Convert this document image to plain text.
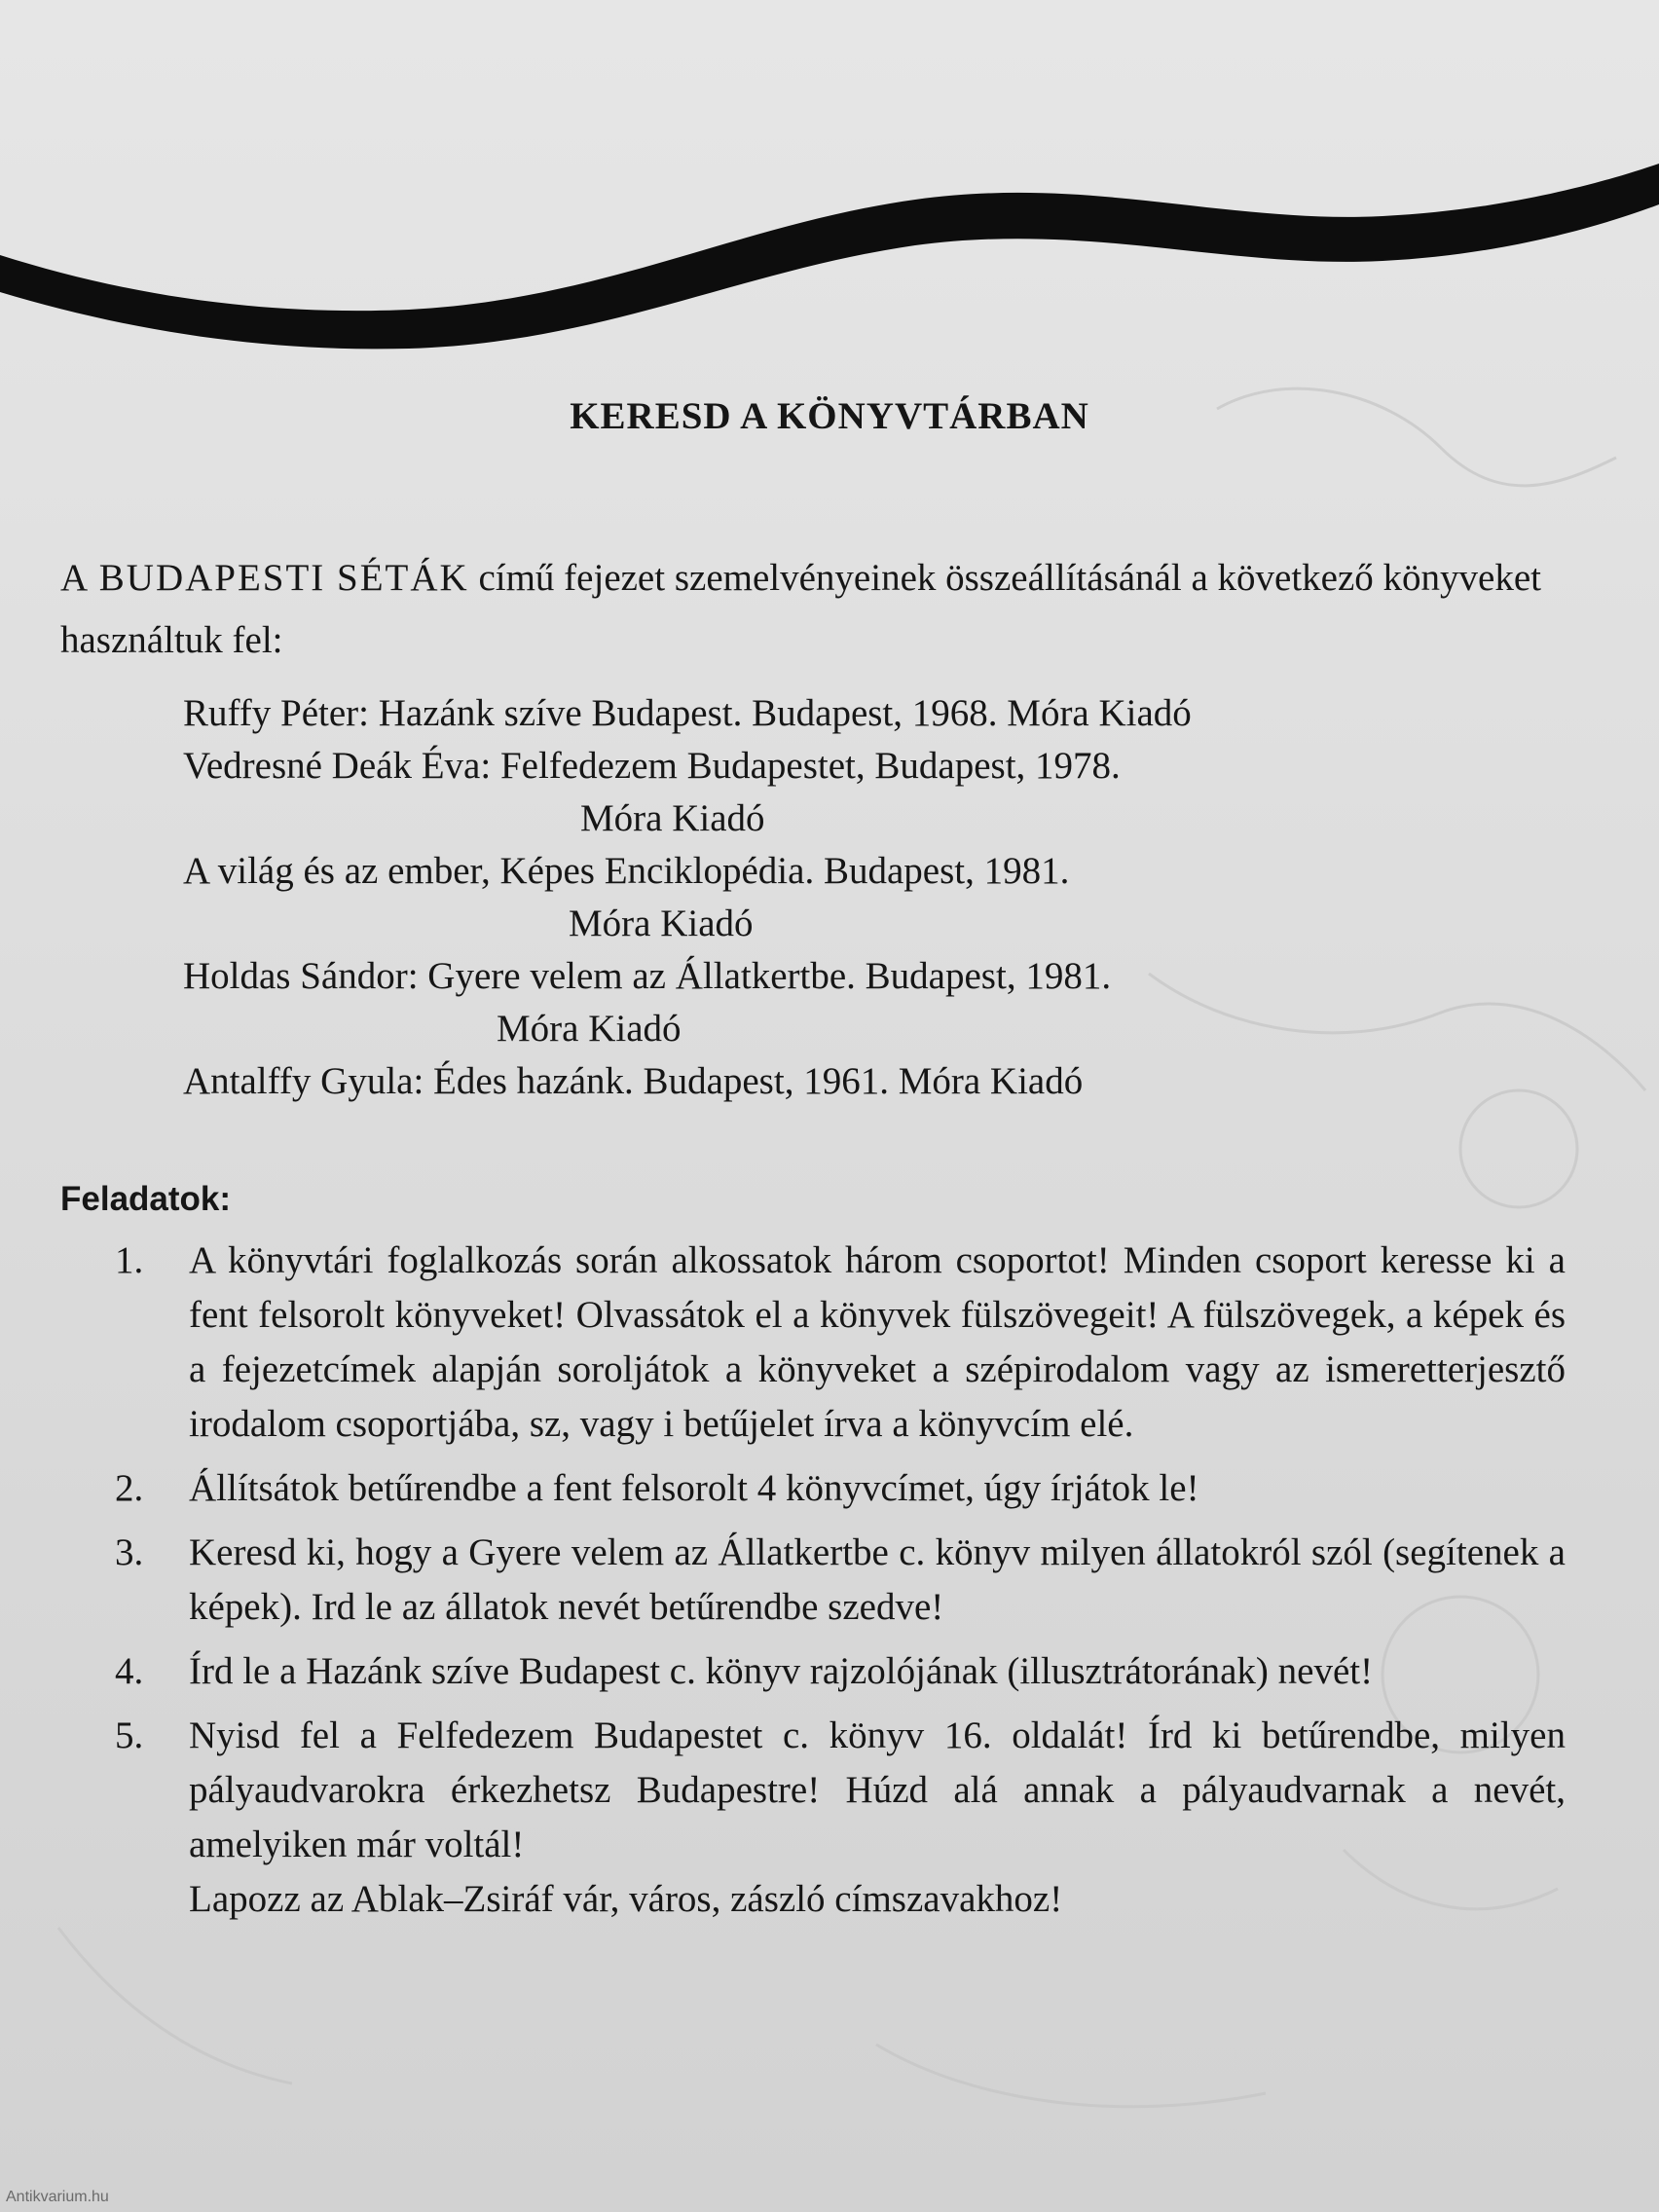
KERESD A KÖNYVTÁRBAN

A BUDAPESTI SÉTÁK című fejezet szemelvényeinek összeállításánál a következő könyveket használtuk fel:

Ruffy Péter: Hazánk szíve Budapest. Budapest, 1968. Móra Kiadó
Vedresné Deák Éva: Felfedezem Budapestet, Budapest, 1978.
Móra Kiadó
A világ és az ember, Képes Enciklopédia. Budapest, 1981.
Móra Kiadó
Holdas Sándor: Gyere velem az Állatkertbe. Budapest, 1981.
Móra Kiadó
Antalffy Gyula: Édes hazánk. Budapest, 1961. Móra Kiadó
Feladatok:
1. A könyvtári foglalkozás során alkossatok három csoportot! Minden csoport keresse ki a fent felsorolt könyveket! Olvassátok el a könyvek fülszövegeit! A fülszövegek, a képek és a fejezetcímek alapján soroljátok a könyveket a szépirodalom vagy az ismeretterjesztő irodalom csoportjába, sz, vagy i betűjelet írva a könyvcím elé.
2. Állítsátok betűrendbe a fent felsorolt 4 könyvcímet, úgy írjátok le!
3. Keresd ki, hogy a Gyere velem az Állatkertbe c. könyv milyen állatokról szól (segítenek a képek). Ird le az állatok nevét betűrendbe szedve!
4. Írd le a Hazánk szíve Budapest c. könyv rajzolójának (illusztrátorának) nevét!
5. Nyisd fel a Felfedezem Budapestet c. könyv 16. oldalát! Írd ki betűrendbe, milyen pályaudvarokra érkezhetsz Budapestre! Húzd alá annak a pályaudvarnak a nevét, amelyiken már voltál!
Lapozz az Ablak–Zsiráf vár, város, zászló címszavakhoz!
Antikvarium.hu
